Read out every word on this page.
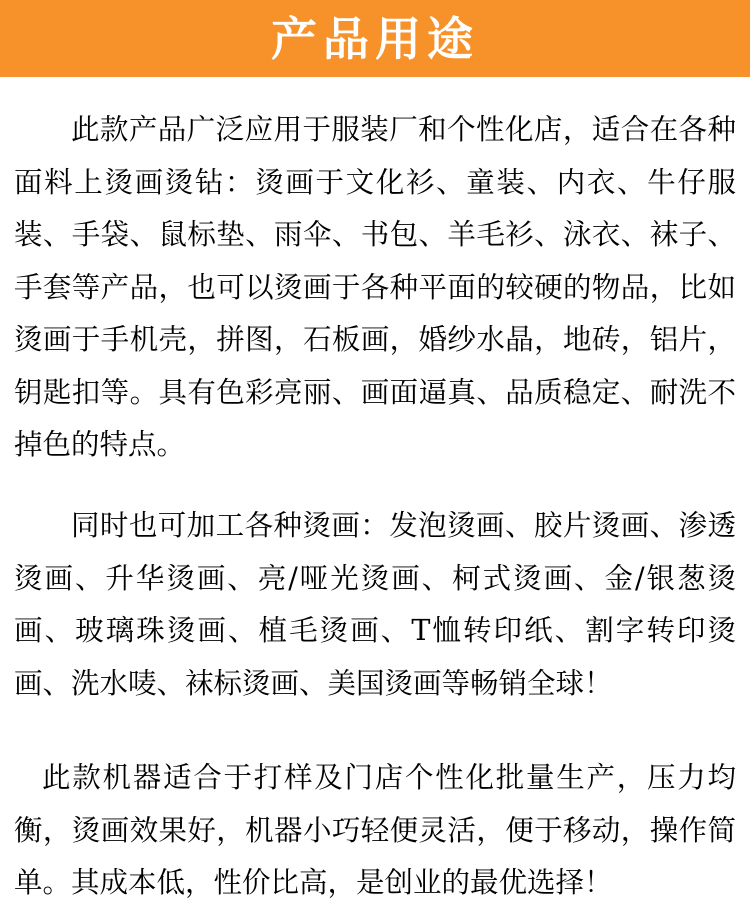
产品用途

此款产品广泛应用于服装厂和个性化店，适合在各种面料上烫画烫钻：烫画于文化衫、童装、内衣、牛仔服装、手袋、鼠标垫、雨伞、书包、羊毛衫、泳衣、袜子、手套等产品，也可以烫画于各种平面的较硬的物品，比如烫画于手机壳，拼图，石板画，婚纱水晶，地砖，铝片，钥匙扣等。具有色彩亮丽、画面逼真、品质稳定、耐洗不掉色的特点。

同时也可加工各种烫画：发泡烫画、胶片烫画、渗透烫画、升华烫画、亮/哑光烫画、柯式烫画、金/银葱烫画、玻璃珠烫画、植毛烫画、T恤转印纸、割字转印烫画、洗水唛、袜标烫画、美国烫画等畅销全球！

此款机器适合于打样及门店个性化批量生产，压力均衡，烫画效果好，机器小巧轻便灵活，便于移动，操作简单。其成本低，性价比高，是创业的最优选择！
